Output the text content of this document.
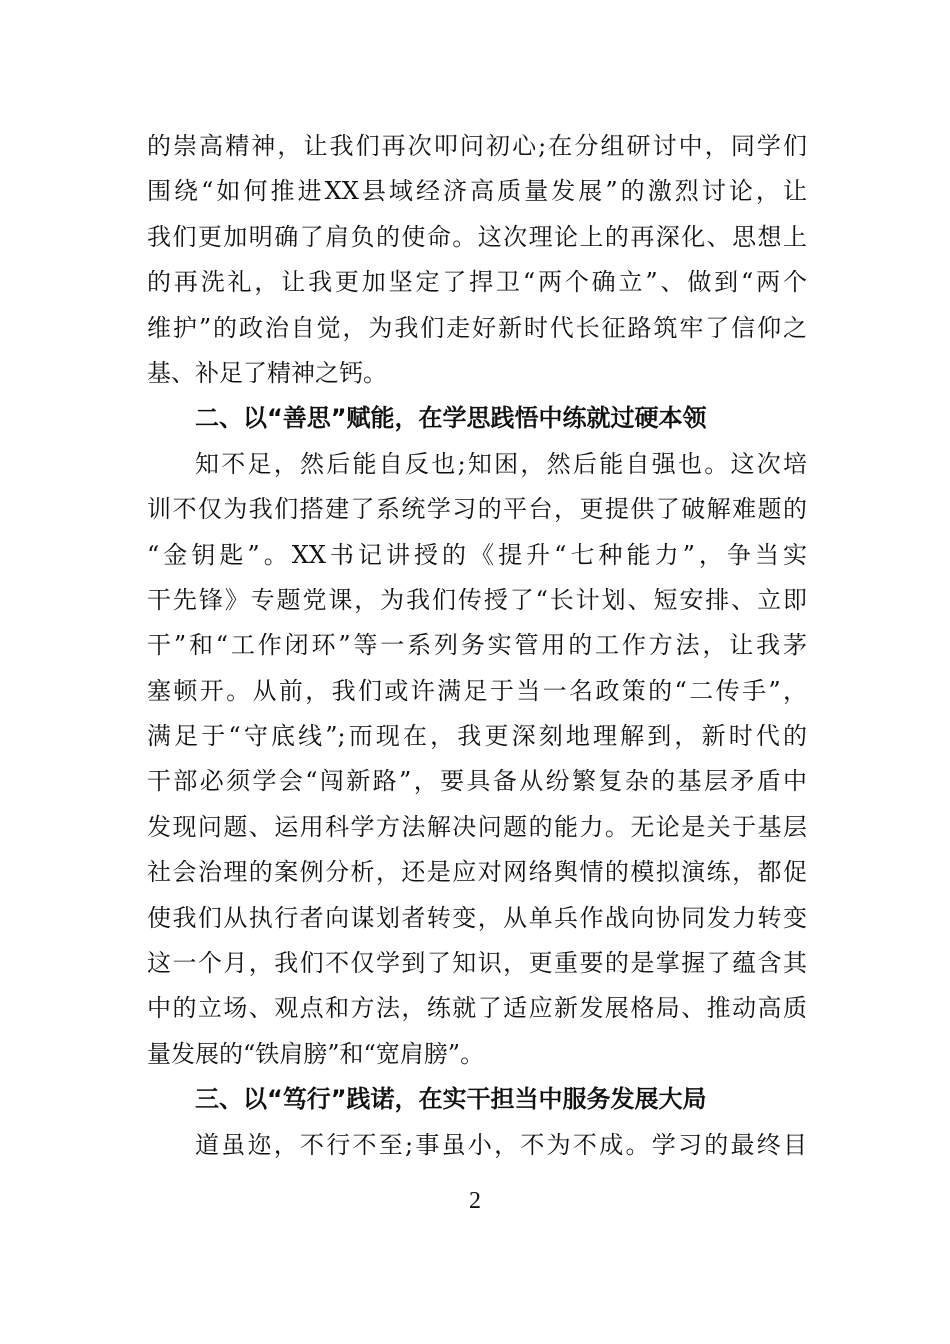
的崇高精神，让我们再次叩问初心;在分组研讨中，同学们
围绕“如何推进XX县域经济高质量发展”的激烈讨论，让
我们更加明确了肩负的使命。这次理论上的再深化、思想上
的再洗礼，让我更加坚定了捍卫“两个确立”、做到“两个
维护”的政治自觉，为我们走好新时代长征路筑牢了信仰之
基、补足了精神之钙。
二、以“善思”赋能，在学思践悟中练就过硬本领
知不足，然后能自反也;知困，然后能自强也。这次培
训不仅为我们搭建了系统学习的平台，更提供了破解难题的
“金钥匙”。XX书记讲授的《提升“七种能力”，争当实
干先锋》专题党课，为我们传授了“长计划、短安排、立即
干”和“工作闭环”等一系列务实管用的工作方法，让我茅
塞顿开。从前，我们或许满足于当一名政策的“二传手”，
满足于“守底线”;而现在，我更深刻地理解到，新时代的
干部必须学会“闯新路”，要具备从纷繁复杂的基层矛盾中
发现问题、运用科学方法解决问题的能力。无论是关于基层
社会治理的案例分析，还是应对网络舆情的模拟演练，都促
使我们从执行者向谋划者转变，从单兵作战向协同发力转变
这一个月，我们不仅学到了知识，更重要的是掌握了蕴含其
中的立场、观点和方法，练就了适应新发展格局、推动高质
量发展的“铁肩膀”和“宽肩膀”。
三、以“笃行”践诺，在实干担当中服务发展大局
道虽迩，不行不至;事虽小，不为不成。学习的最终目
2
